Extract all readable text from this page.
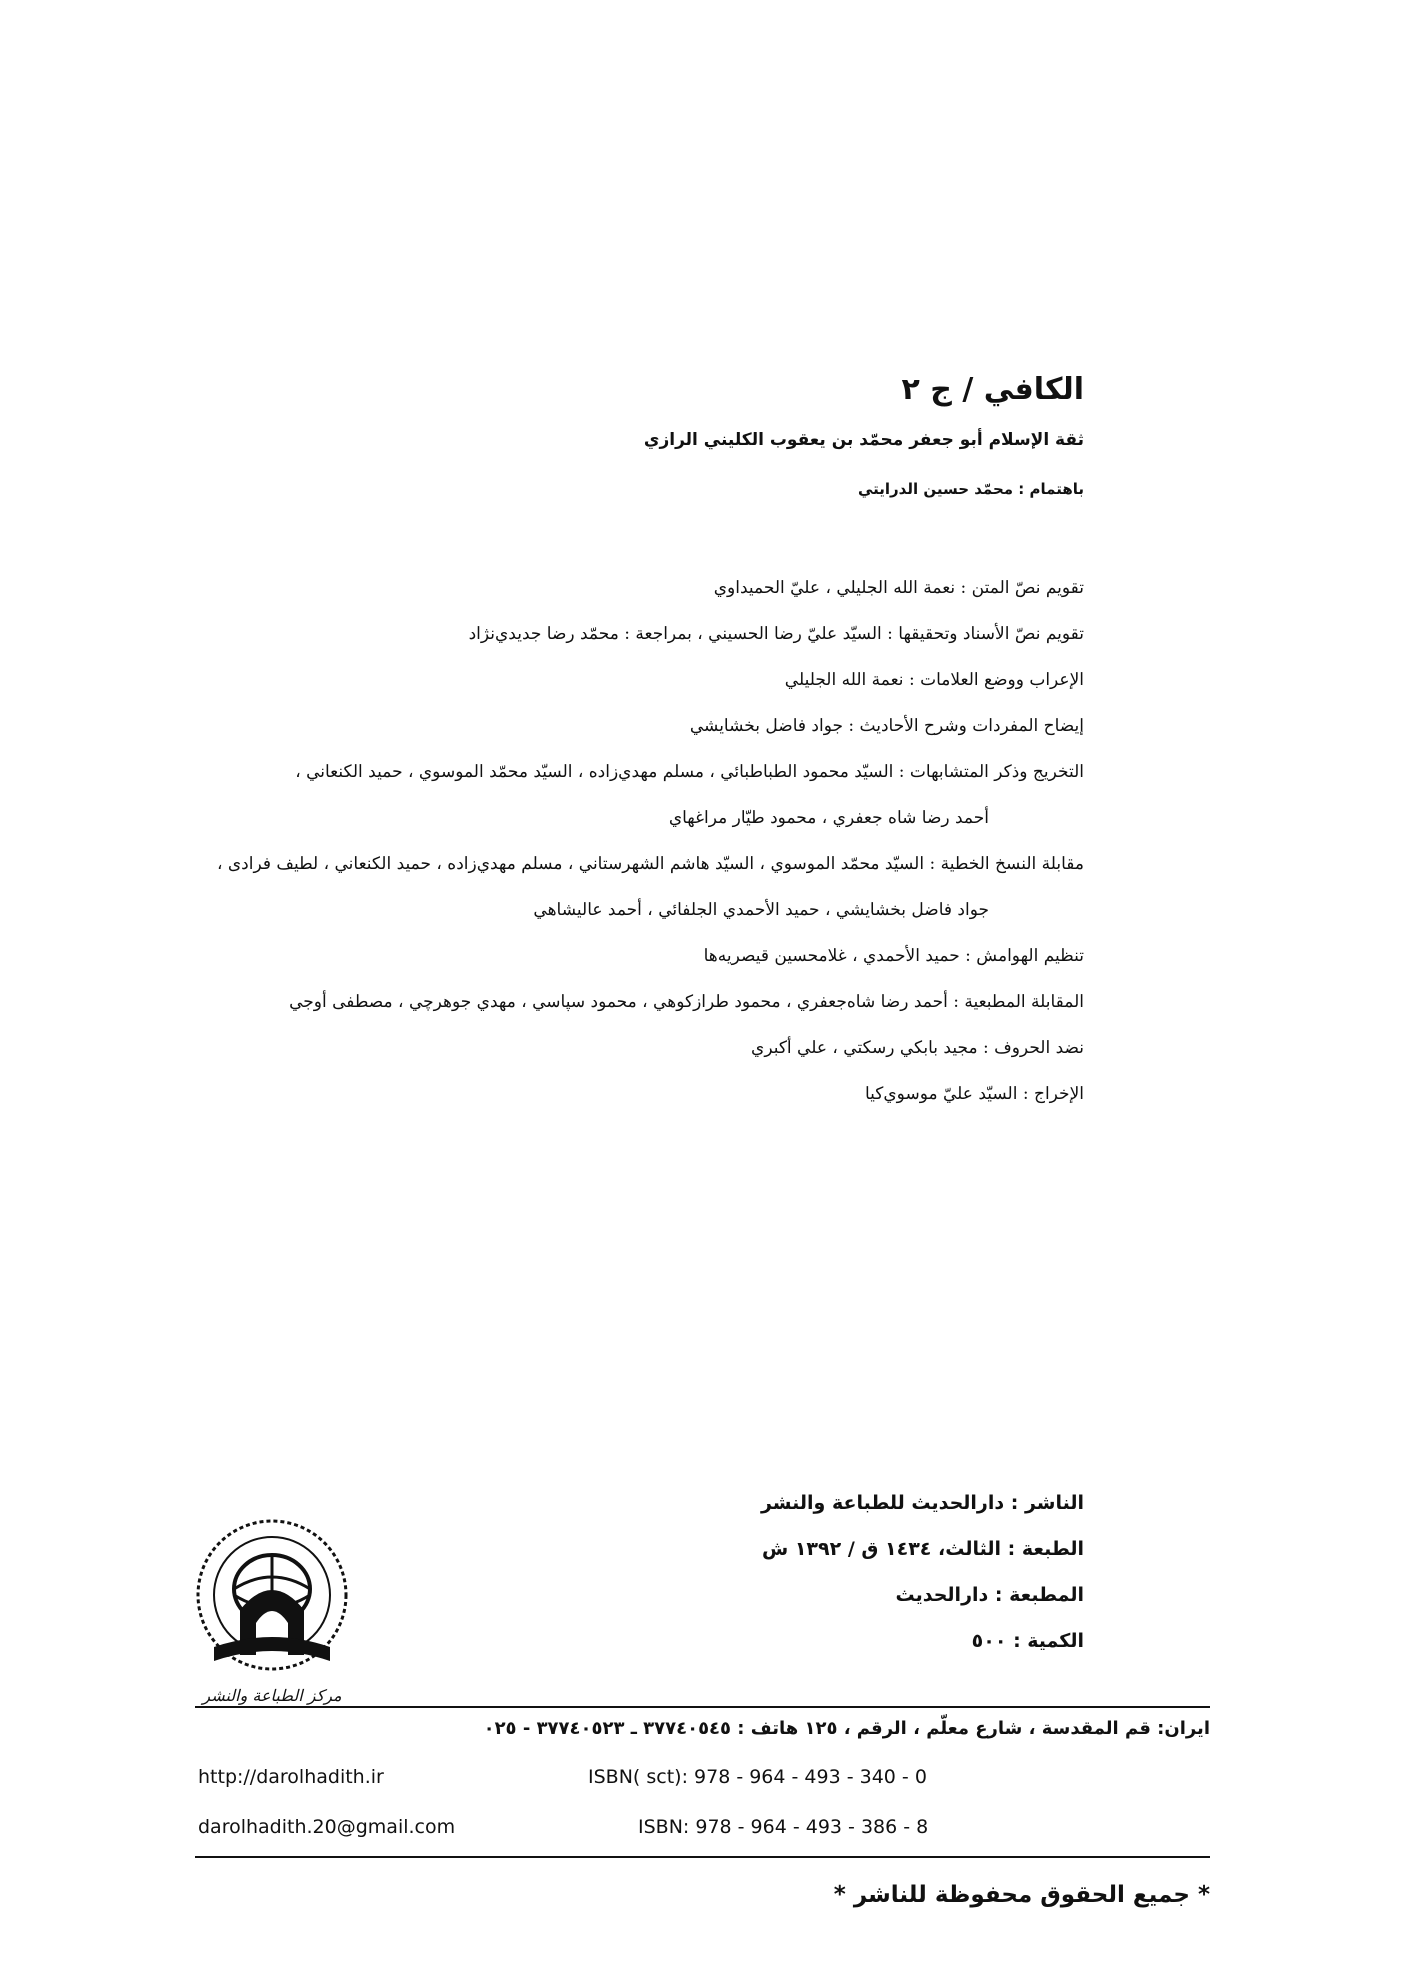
الكافي / ج ٢
ثقة الإسلام أبو جعفر محمّد بن يعقوب الكليني الرازي
باهتمام : محمّد حسين الدرايتي
تقويم نصّ المتن : نعمة الله الجليلي ، عليّ الحميداوي
تقويم نصّ الأسناد وتحقيقها : السيّد عليّ رضا الحسيني ، بمراجعة : محمّد رضا جديدي‌نژاد
الإعراب ووضع العلامات : نعمة الله الجليلي
إيضاح المفردات وشرح الأحاديث : جواد فاضل بخشايشي
التخريج وذكر المتشابهات : السيّد محمود الطباطبائي ، مسلم مهدي‌زاده ، السيّد محمّد الموسوي ، حميد الكنعاني ،
أحمد رضا شاه جعفري ، محمود طيّار مراغهاي
مقابلة النسخ الخطية : السيّد محمّد الموسوي ، السيّد هاشم الشهرستاني ، مسلم مهدي‌زاده ، حميد الكنعاني ، لطيف فرادى ،
جواد فاضل بخشايشي ، حميد الأحمدي الجلفائي ، أحمد عاليشاهي
تنظيم الهوامش : حميد الأحمدي ، غلامحسين قيصريه‌ها
المقابلة المطبعية : أحمد رضا شاه‌جعفري ، محمود طرازكوهي ، محمود سپاسي ، مهدي جوهرچي ، مصطفى أوجي
نضد الحروف : مجيد بابكي رسكتي ، علي أكبري
الإخراج : السيّد عليّ موسوي‌كيا
الناشر : دارالحديث للطباعة والنشر
الطبعة : الثالث، ١٤٣٤ ق / ١٣٩٢ ش
المطبعة : دارالحديث
الكمية : ٥٠٠
مركز الطباعة والنشر
ايران: قم المقدسة ، شارع معلّم ، الرقم ، ١٢٥ هاتف : ٣٧٧٤٠٥٤٥ ـ ٣٧٧٤٠٥٢٣ - ٠٢٥
http://darolhadith.ir	ISBN( sct): 978 - 964 - 493 - 340 - 0
darolhadith.20@gmail.com	ISBN: 978 - 964 - 493 - 386 - 8
* جميع الحقوق محفوظة للناشر *
